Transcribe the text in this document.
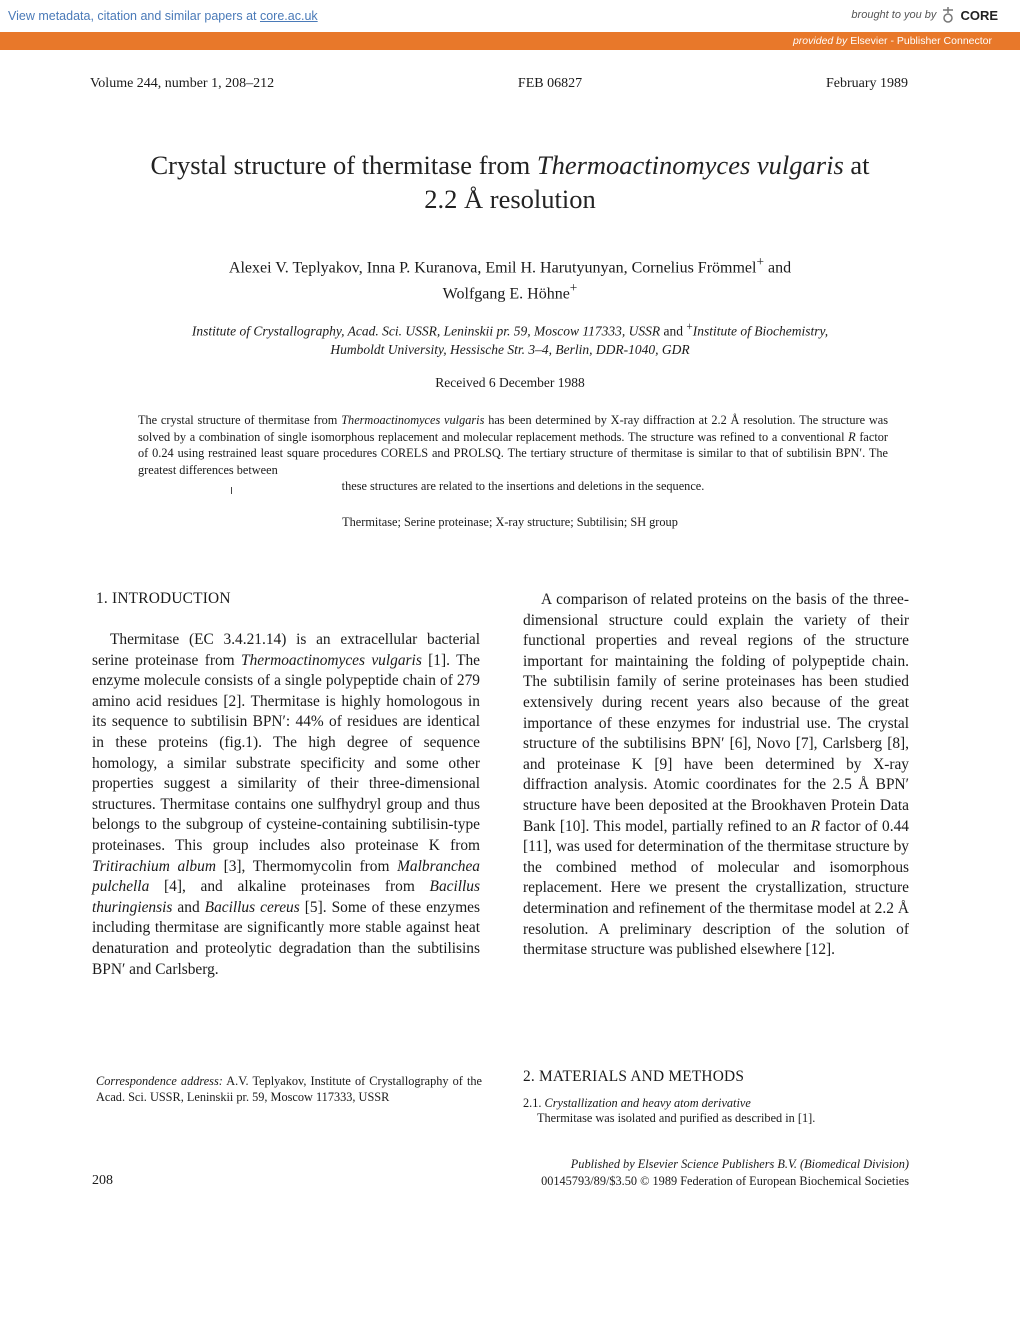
View metadata, citation and similar papers at core.ac.uk	brought to you by CORE
provided by Elsevier - Publisher Connector
Volume 244, number 1, 208–212	FEB 06827	February 1989
Crystal structure of thermitase from Thermoactinomyces vulgaris at
2.2 Å resolution
Alexei V. Teplyakov, Inna P. Kuranova, Emil H. Harutyunyan, Cornelius Frömmel+ and
Wolfgang E. Höhne+
Institute of Crystallography, Acad. Sci. USSR, Leninskii pr. 59, Moscow 117333, USSR and +Institute of Biochemistry,
Humboldt University, Hessische Str. 3–4, Berlin, DDR-1040, GDR
Received 6 December 1988
The crystal structure of thermitase from Thermoactinomyces vulgaris has been determined by X-ray diffraction at 2.2 Å resolution. The structure was solved by a combination of single isomorphous replacement and molecular replacement methods. The structure was refined to a conventional R factor of 0.24 using restrained least square procedures CORELS and PROLSQ. The tertiary structure of thermitase is similar to that of subtilisin BPN′. The greatest differences between
these structures are related to the insertions and deletions in the sequence.
Thermitase; Serine proteinase; X-ray structure; Subtilisin; SH group
1. INTRODUCTION
Thermitase (EC 3.4.21.14) is an extracellular bacterial serine proteinase from Thermoactinomyces vulgaris [1]. The enzyme molecule consists of a single polypeptide chain of 279 amino acid residues [2]. Thermitase is highly homologous in its sequence to subtilisin BPN′: 44% of residues are identical in these proteins (fig.1). The high degree of sequence homology, a similar substrate specificity and some other properties suggest a similarity of their three-dimensional structures. Thermitase contains one sulfhydryl group and thus belongs to the subgroup of cysteine-containing subtilisin-type proteinases. This group includes also proteinase K from Tritirachium album [3], Thermomycolin from Malbranchea pulchella [4], and alkaline proteinases from Bacillus thuringiensis and Bacillus cereus [5]. Some of these enzymes including thermitase are significantly more stable against heat denaturation and proteolytic degradation than the subtilisins BPN′ and Carlsberg.
A comparison of related proteins on the basis of the three-dimensional structure could explain the variety of their functional properties and reveal regions of the structure important for maintaining the folding of polypeptide chain. The subtilisin family of serine proteinases has been studied extensively during recent years also because of the great importance of these enzymes for industrial use. The crystal structure of the subtilisins BPN′ [6], Novo [7], Carlsberg [8], and proteinase K [9] have been determined by X-ray diffraction analysis. Atomic coordinates for the 2.5 Å BPN′ structure have been deposited at the Brookhaven Protein Data Bank [10]. This model, partially refined to an R factor of 0.44 [11], was used for determination of the thermitase structure by the combined method of molecular and isomorphous replacement. Here we present the crystallization, structure determination and refinement of the thermitase model at 2.2 Å resolution. A preliminary description of the solution of thermitase structure was published elsewhere [12].
2. MATERIALS AND METHODS
2.1. Crystallization and heavy atom derivative
Thermitase was isolated and purified as described in [1].
Correspondence address: A.V. Teplyakov, Institute of Crystallography of the Acad. Sci. USSR, Leninskii pr. 59, Moscow 117333, USSR
Published by Elsevier Science Publishers B.V. (Biomedical Division)
208	00145793/89/$3.50 © 1989 Federation of European Biochemical Societies
